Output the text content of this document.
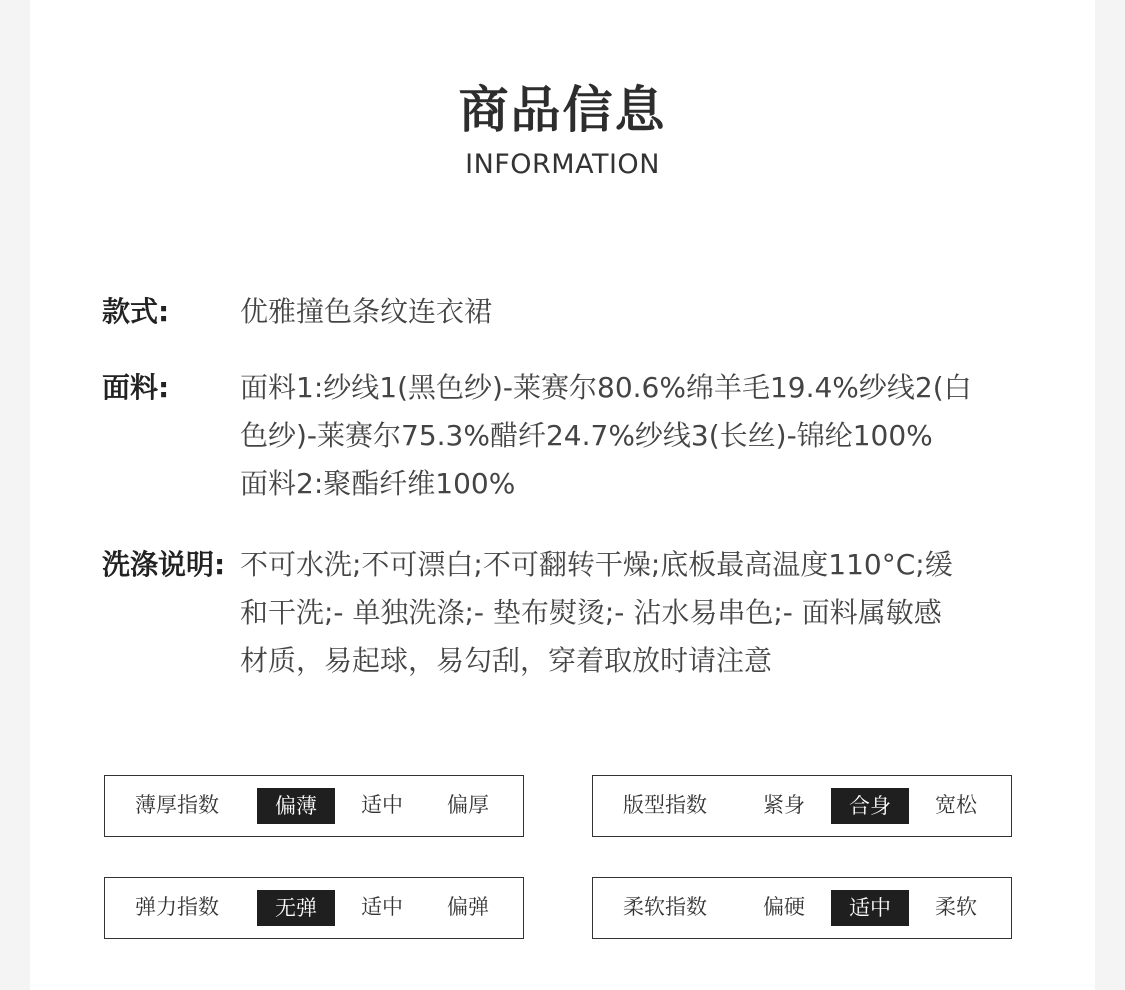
商品信息
INFORMATION
款式:	优雅撞色条纹连衣裙
面料:	面料1:纱线1(黑色纱)-莱赛尔80.6%绵羊毛19.4%纱线2(白
色纱)-莱赛尔75.3%醋纤24.7%纱线3(长丝)-锦纶100%
面料2:聚酯纤维100%
洗涤说明: 不可水洗;不可漂白;不可翻转干燥;底板最高温度110°C;缓
和干洗;- 单独洗涤;- 垫布熨烫;- 沾水易串色;- 面料属敏感
材质，易起球，易勾刮，穿着取放时请注意
薄厚指数	偏薄	适中	偏厚	版型指数	紧身	合身	宽松
弹力指数	无弹	适中	偏弹	柔软指数	偏硬	适中	柔软
